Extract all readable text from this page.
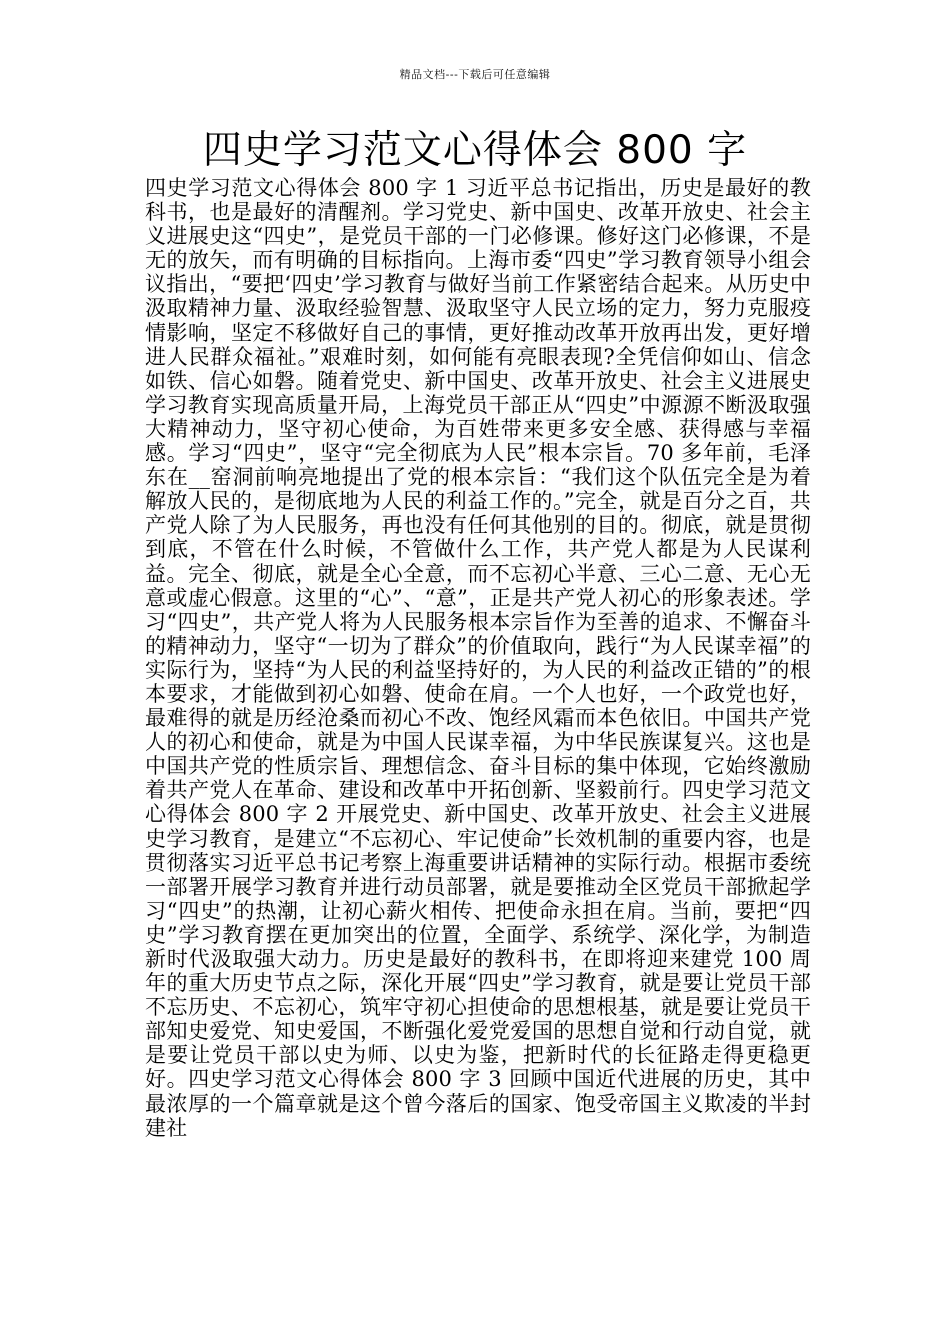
精品文档---下载后可任意编辑
四史学习范文心得体会 800 字

四史学习范文心得体会 800 字 1 习近平总书记指出，历史是最好的教科书，也是最好的清醒剂。学习党史、新中国史、改革开放史、社会主义进展史这“四史”，是党员干部的一门必修课。修好这门必修课，不是无的放矢，而有明确的目标指向。上海市委“四史”学习教育领导小组会议指出，“要把‘四史’学习教育与做好当前工作紧密结合起来。从历史中汲取精神力量、汲取经验智慧、汲取坚守人民立场的定力，努力克服疫情影响，坚定不移做好自己的事情，更好推动改革开放再出发，更好增进人民群众福祉。”艰难时刻，如何能有亮眼表现?全凭信仰如山、信念如铁、信心如磐。随着党史、新中国史、改革开放史、社会主义进展史学习教育实现高质量开局，上海党员干部正从“四史”中源源不断汲取强大精神动力，坚守初心使命，为百姓带来更多安全感、获得感与幸福感。学习“四史”，坚守“完全彻底为人民”根本宗旨。70 多年前，毛泽东在__窑洞前响亮地提出了党的根本宗旨：“我们这个队伍完全是为着解放人民的，是彻底地为人民的利益工作的。”完全，就是百分之百，共产党人除了为人民服务，再也没有任何其他别的目的。彻底，就是贯彻到底，不管在什么时候，不管做什么工作，共产党人都是为人民谋利益。完全、彻底，就是全心全意，而不忘初心半意、三心二意、无心无意或虚心假意。这里的“心”、“意”，正是共产党人初心的形象表述。学习“四史”，共产党人将为人民服务根本宗旨作为至善的追求、不懈奋斗的精神动力，坚守“一切为了群众”的价值取向，践行“为人民谋幸福”的实际行为，坚持“为人民的利益坚持好的，为人民的利益改正错的”的根本要求，才能做到初心如磐、使命在肩。一个人也好，一个政党也好，最难得的就是历经沧桑而初心不改、饱经风霜而本色依旧。中国共产党人的初心和使命，就是为中国人民谋幸福，为中华民族谋复兴。这也是中国共产党的性质宗旨、理想信念、奋斗目标的集中体现，它始终激励着共产党人在革命、建设和改革中开拓创新、坚毅前行。四史学习范文心得体会 800 字 2 开展党史、新中国史、改革开放史、社会主义进展史学习教育，是建立“不忘初心、牢记使命”长效机制的重要内容，也是贯彻落实习近平总书记考察上海重要讲话精神的实际行动。根据市委统一部署开展学习教育并进行动员部署，就是要推动全区党员干部掀起学习“四史”的热潮，让初心薪火相传、把使命永担在肩。当前，要把“四史”学习教育摆在更加突出的位置，全面学、系统学、深化学，为制造新时代汲取强大动力。历史是最好的教科书，在即将迎来建党 100 周年的重大历史节点之际，深化开展“四史”学习教育，就是要让党员干部不忘历史、不忘初心，筑牢守初心担使命的思想根基，就是要让党员干部知史爱党、知史爱国，不断强化爱党爱国的思想自觉和行动自觉，就是要让党员干部以史为师、以史为鉴，把新时代的长征路走得更稳更好。四史学习范文心得体会 800 字 3 回顾中国近代进展的历史，其中最浓厚的一个篇章就是这个曾今落后的国家、饱受帝国主义欺凌的半封建社
